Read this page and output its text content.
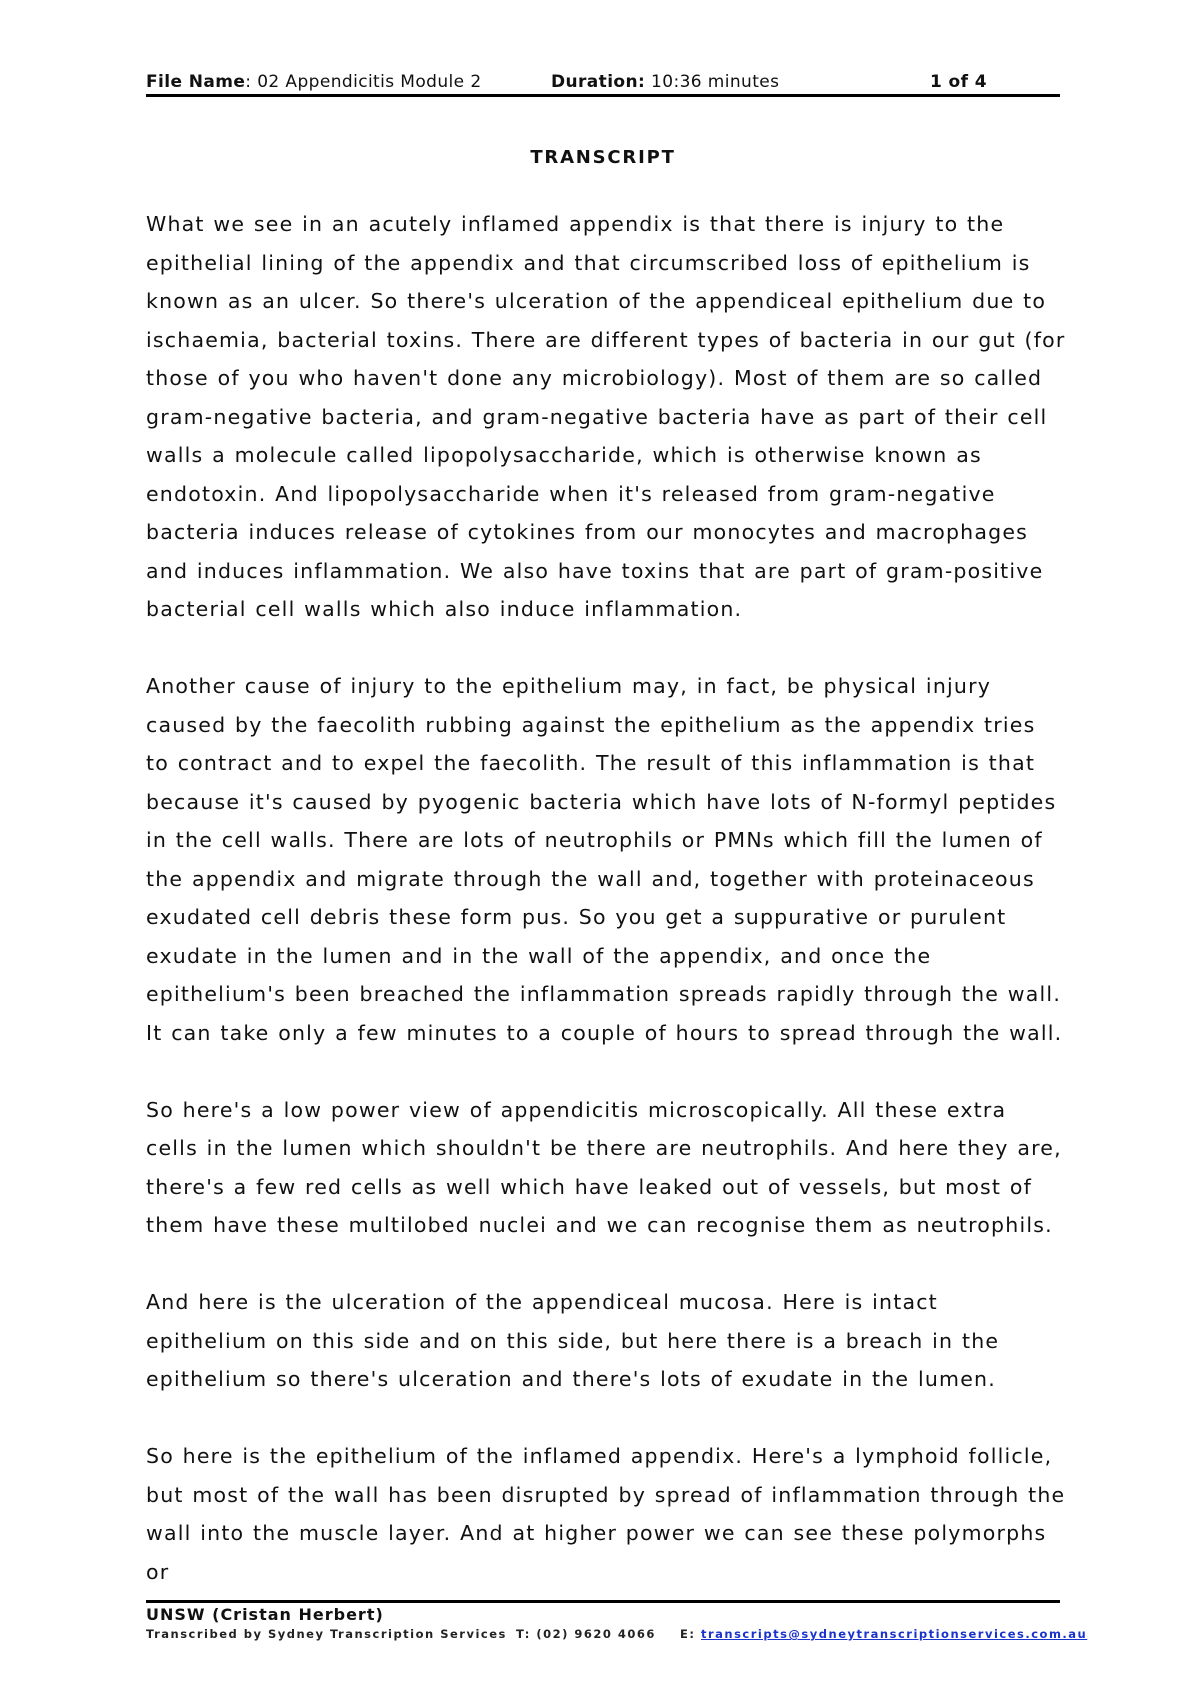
File Name: 02 Appendicitis Module 2	Duration: 10:36 minutes	1 of 4
TRANSCRIPT

What we see in an acutely inflamed appendix is that there is injury to the epithelial lining of the appendix and that circumscribed loss of epithelium is known as an ulcer. So there's ulceration of the appendiceal epithelium due to ischaemia, bacterial toxins. There are different types of bacteria in our gut (for those of you who haven't done any microbiology). Most of them are so called gram-negative bacteria, and gram-negative bacteria have as part of their cell walls a molecule called lipopolysaccharide, which is otherwise known as endotoxin. And lipopolysaccharide when it's released from gram-negative bacteria induces release of cytokines from our monocytes and macrophages and induces inflammation. We also have toxins that are part of gram-positive bacterial cell walls which also induce inflammation.

Another cause of injury to the epithelium may, in fact, be physical injury caused by the faecolith rubbing against the epithelium as the appendix tries to contract and to expel the faecolith. The result of this inflammation is that because it's caused by pyogenic bacteria which have lots of N-formyl peptides in the cell walls. There are lots of neutrophils or PMNs which fill the lumen of the appendix and migrate through the wall and, together with proteinaceous exudated cell debris these form pus. So you get a suppurative or purulent exudate in the lumen and in the wall of the appendix, and once the epithelium's been breached the inflammation spreads rapidly through the wall. It can take only a few minutes to a couple of hours to spread through the wall.

So here's a low power view of appendicitis microscopically. All these extra cells in the lumen which shouldn't be there are neutrophils. And here they are, there's a few red cells as well which have leaked out of vessels, but most of them have these multilobed nuclei and we can recognise them as neutrophils.

And here is the ulceration of the appendiceal mucosa. Here is intact epithelium on this side and on this side, but here there is a breach in the epithelium so there's ulceration and there's lots of exudate in the lumen.

So here is the epithelium of the inflamed appendix. Here's a lymphoid follicle, but most of the wall has been disrupted by spread of inflammation through the wall into the muscle layer. And at higher power we can see these polymorphs or

UNSW (Cristan Herbert)
Transcribed by Sydney Transcription Services T: (02) 9620 4066 E: transcripts@sydneytranscriptionservices.com.au
